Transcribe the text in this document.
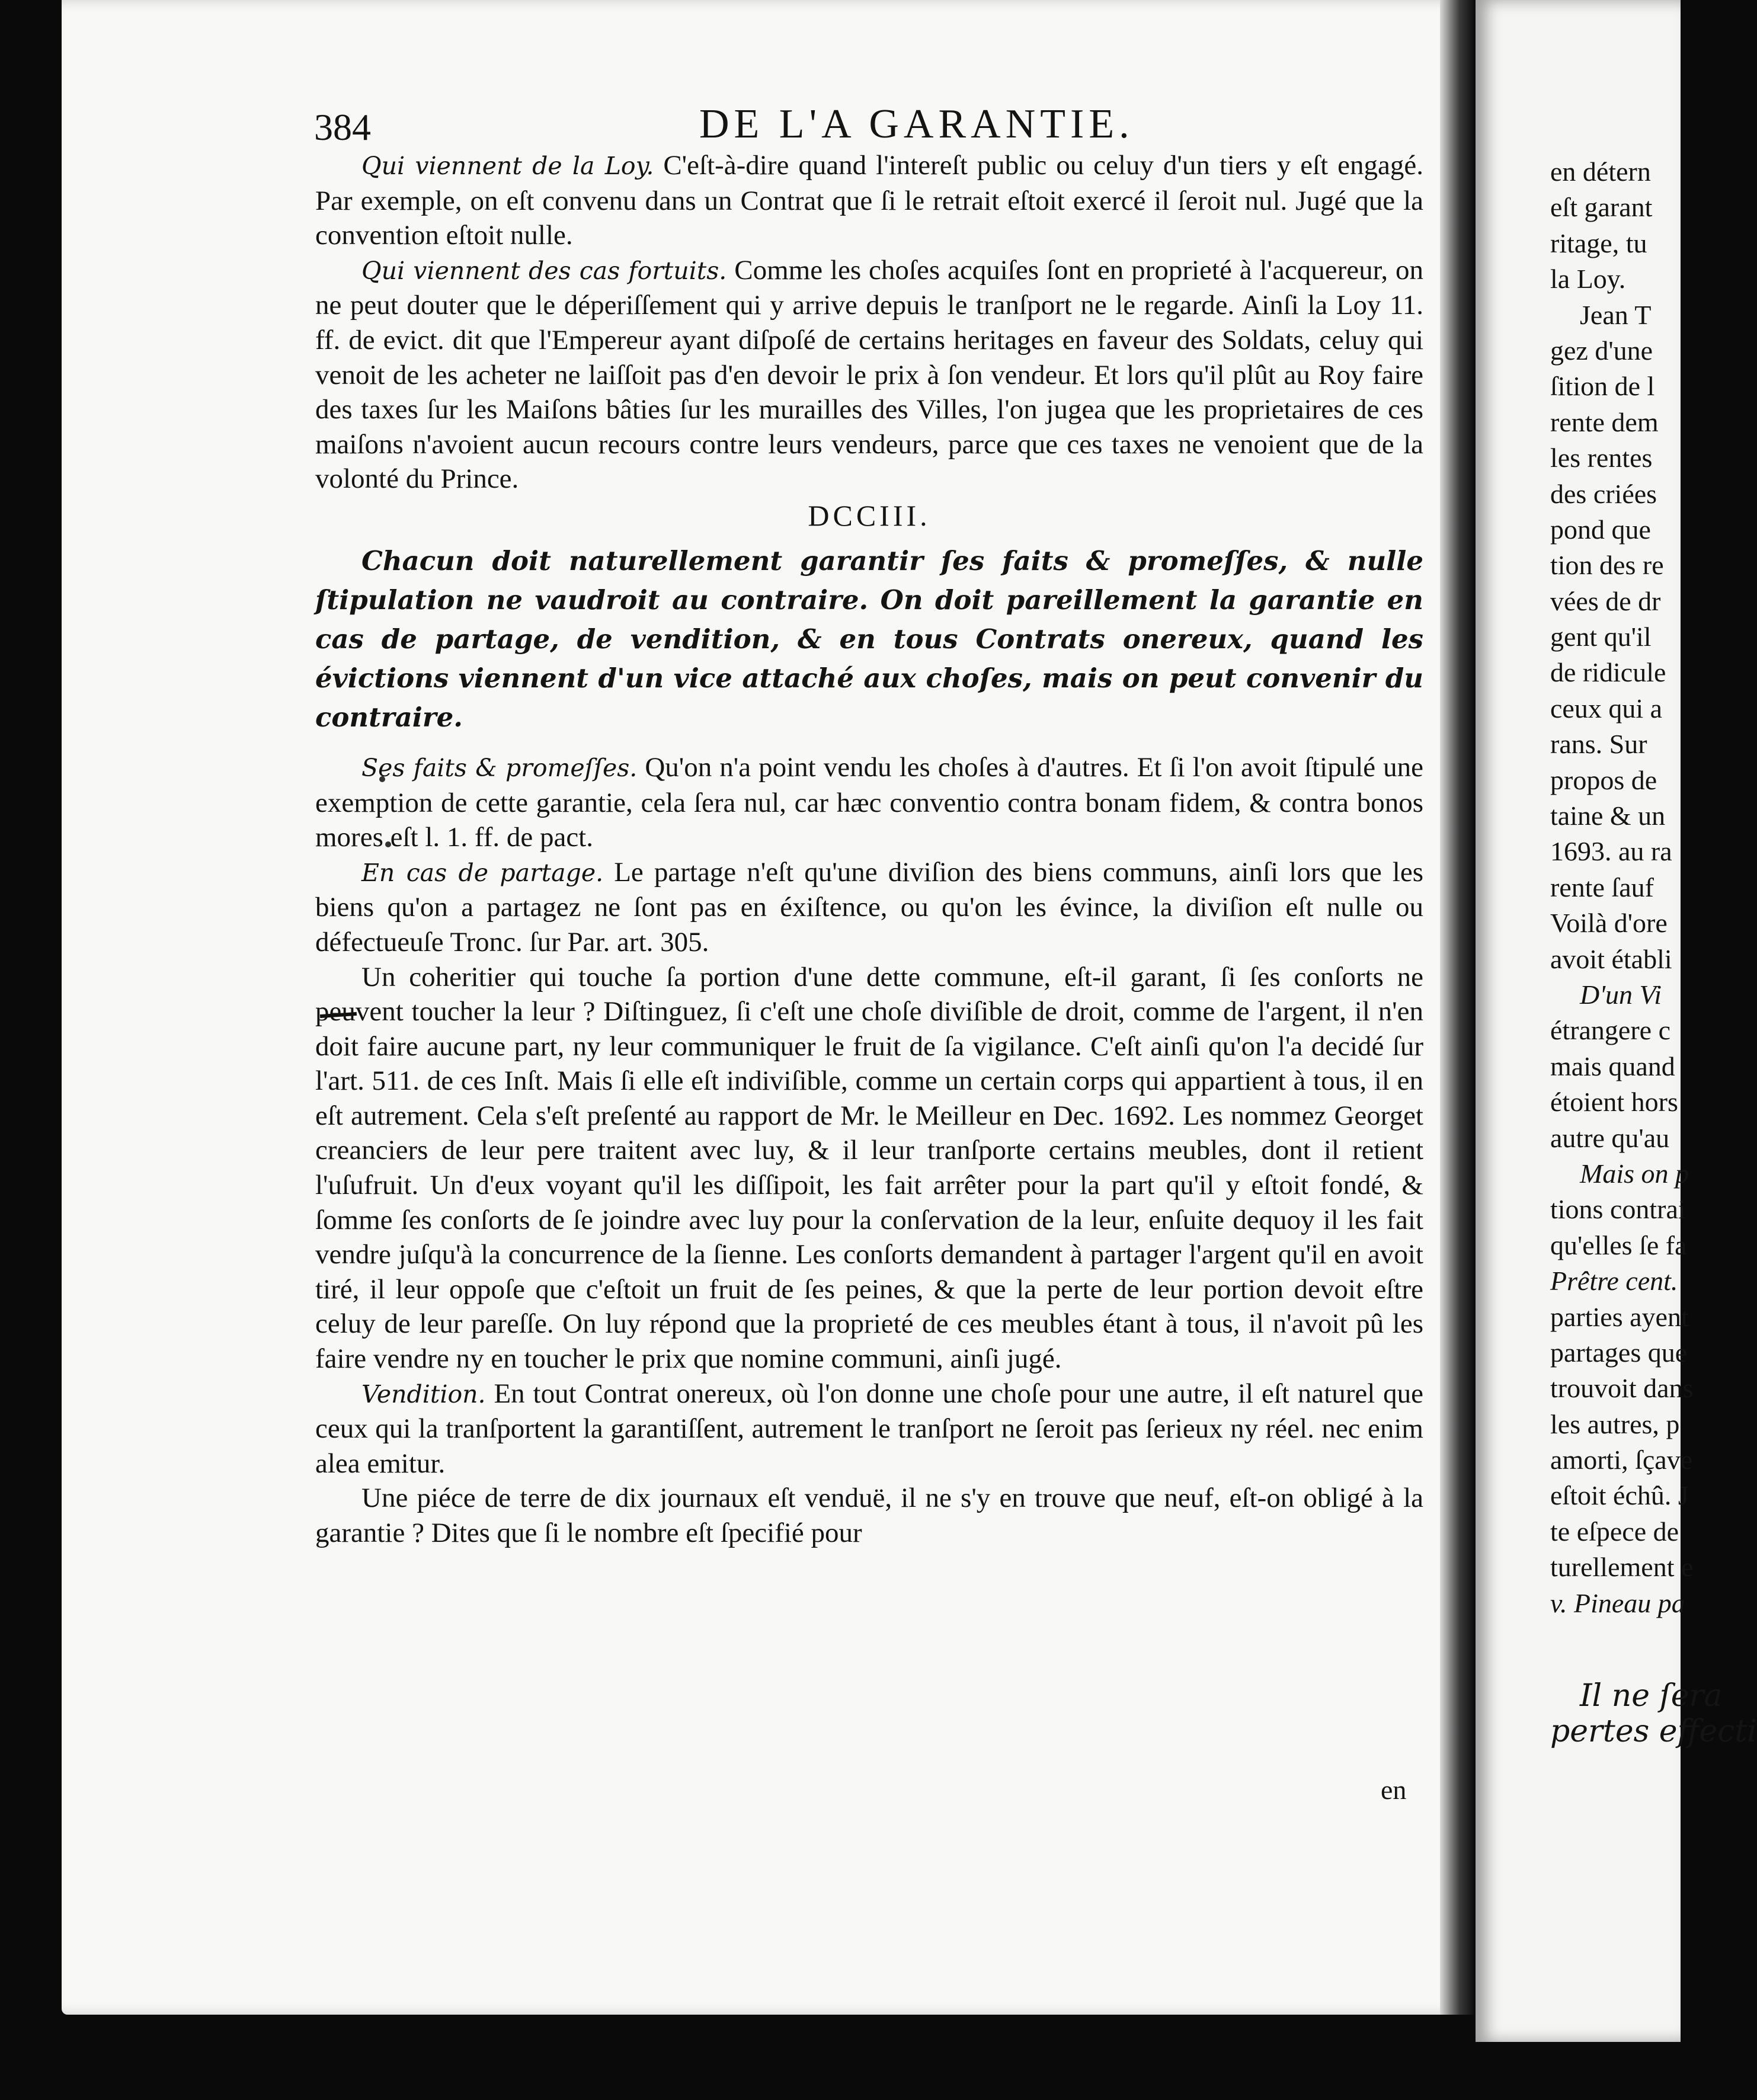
384	DE L'A GARANTIE.

Qui viennent de la Loy. C'eſt-à-dire quand l'intereſt public ou celuy d'un tiers y eſt engagé. Par exemple, on eſt convenu dans un Contrat que ſi le retrait eſtoit exercé il ſeroit nul. Jugé que la convention eſtoit nulle.

Qui viennent des cas fortuits. Comme les choſes acquiſes ſont en proprieté à l'acquereur, on ne peut douter que le déperiſſement qui y arrive depuis le tranſport ne le regarde. Ainſi la Loy 11. ff. de evict. dit que l'Empereur ayant diſpoſé de certains heritages en faveur des Soldats, celuy qui venoit de les acheter ne laiſſoit pas d'en devoir le prix à ſon vendeur. Et lors qu'il plût au Roy faire des taxes ſur les Maiſons bâties ſur les murailles des Villes, l'on jugea que les proprietaires de ces maiſons n'avoient aucun recours contre leurs vendeurs, parce que ces taxes ne venoient que de la volonté du Prince.

DCCIII.
Chacun doit naturellement garantir ſes faits & promeſſes, & nulle ſtipulation ne vaudroit au contraire. On doit pareillement la garantie en cas de partage, de vendition, & en tous Contrats onereux, quand les évictions viennent d'un vice attaché aux choſes, mais on peut convenir du contraire.

Ses faits & promeſſes. Qu'on n'a point vendu les choſes à d'autres. Et ſi l'on avoit ſtipulé une exemption de cette garantie, cela ſera nul, car hæc conventio contra bonam fidem, & contra bonos mores eſt l. 1. ff. de pact.

En cas de partage. Le partage n'eſt qu'une diviſion des biens communs, ainſi lors que les biens qu'on a partagez ne ſont pas en éxiſtence, ou qu'on les évince, la diviſion eſt nulle ou défectueuſe Tronc. ſur Par. art. 305.

Un coheritier qui touche ſa portion d'une dette commune, eſt-il garant, ſi ſes conſorts ne peuvent toucher la leur ? Diſtinguez, ſi c'eſt une choſe diviſible de droit, comme de l'argent, il n'en doit faire aucune part, ny leur communiquer le fruit de ſa vigilance. C'eſt ainſi qu'on l'a decidé ſur l'art. 511. de ces Inſt. Mais ſi elle eſt indiviſible, comme un certain corps qui appartient à tous, il en eſt autrement. Cela s'eſt preſenté au rapport de Mr. le Meilleur en Dec. 1692. Les nommez Georget creanciers de leur pere traitent avec luy, & il leur tranſporte certains meubles, dont il retient l'uſufruit. Un d'eux voyant qu'il les diſſipoit, les fait arrêter pour la part qu'il y eſtoit fondé, & ſomme ſes conſorts de ſe joindre avec luy pour la conſervation de la leur, enſuite dequoy il les fait vendre juſqu'à la concurrence de la ſienne. Les conſorts demandent à partager l'argent qu'il en avoit tiré, il leur oppoſe que c'eſtoit un fruit de ſes peines, & que la perte de leur portion devoit eſtre celuy de leur pareſſe. On luy répond que la proprieté de ces meubles étant à tous, il n'avoit pû les faire vendre ny en toucher le prix que nomine communi, ainſi jugé.

Vendition. En tout Contrat onereux, où l'on donne une choſe pour une autre, il eſt naturel que ceux qui la tranſportent la garantiſſent, autrement le tranſport ne ſeroit pas ſerieux ny réel. nec enim alea emitur.

Une piéce de terre de dix journaux eſt venduë, il ne s'y en trouve que neuf, eſt-on obligé à la garantie ? Dites que ſi le nombre eſt ſpecifié pour

en
en détern
eſt garant
ritage, tu
la Loy.
Jean T
gez d'une
ſition de l
rente dem
les rentes
des criées
pond que
tion des re
vées de dr
gent qu'il
de ridicule
ceux qui a
rans. Sur
propos de
taine & un
1693. au ra
rente ſauf
Voilà d'ore
avoit établi
D'un Vi
étrangere c
mais quand
étoient hors
autre qu'au
Mais on p
tions contrai
qu'elles ſe fa
Prêtre cent.
parties ayent
partages que
trouvoit dans
les autres, p
amorti, ſçave
eſtoit échû. J
te eſpece de
turellement e
v. Pineau pa
Il ne ſera
pertes effecti
